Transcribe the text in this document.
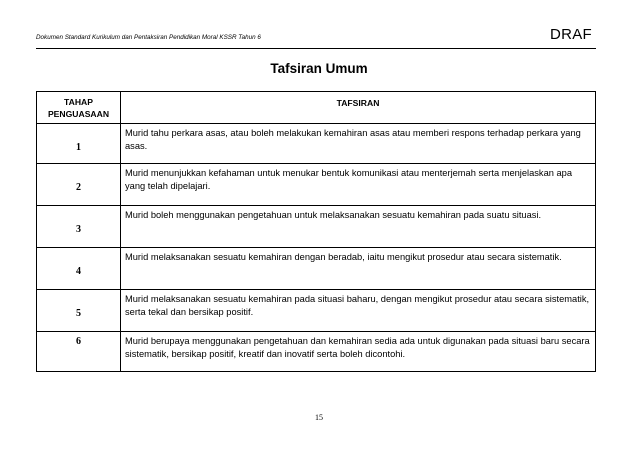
Dokumen Standard Kurikulum dan Pentaksiran Pendidikan Moral KSSR Tahun 6	DRAF
Tafsiran Umum
TAHAP
PENGUASAAN	TAFSIRAN

1	Murid tahu perkara asas, atau boleh melakukan kemahiran asas atau memberi respons terhadap perkara yang asas.

2	Murid menunjukkan kefahaman untuk menukar bentuk komunikasi atau menterjemah serta menjelaskan apa yang telah dipelajari.

3	Murid boleh menggunakan pengetahuan untuk melaksanakan sesuatu kemahiran pada suatu situasi.

4	Murid melaksanakan sesuatu kemahiran dengan beradab, iaitu mengikut prosedur atau secara sistematik.

5	Murid melaksanakan sesuatu kemahiran pada situasi baharu, dengan mengikut prosedur atau secara sistematik, serta tekal dan bersikap positif.

6	Murid berupaya menggunakan pengetahuan dan kemahiran sedia ada untuk digunakan pada situasi baru secara sistematik, bersikap positif, kreatif dan inovatif serta boleh dicontohi.
15
